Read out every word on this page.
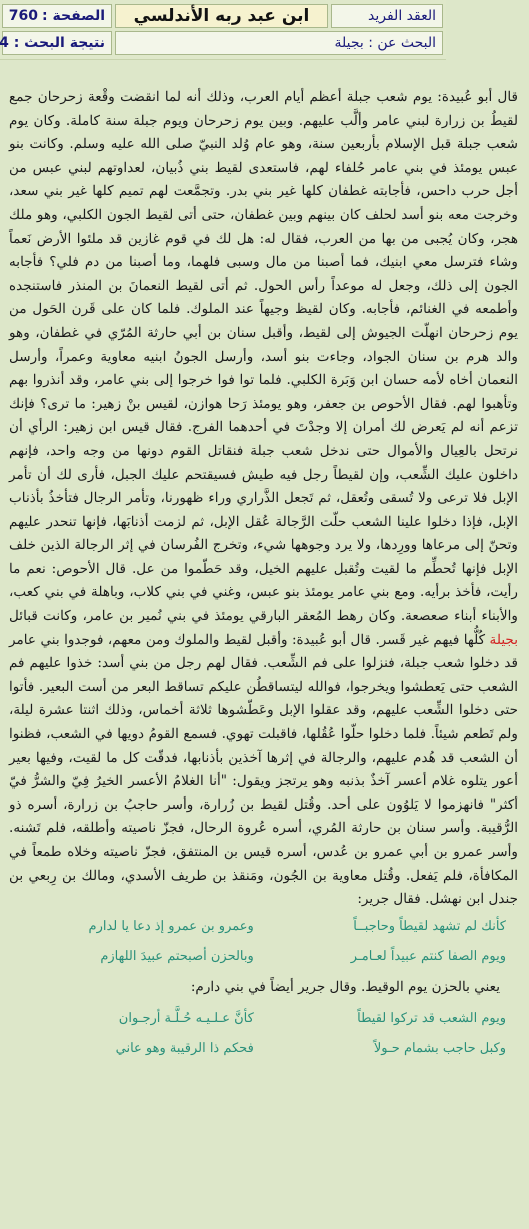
العقد الفريد
ابن عبد ربه الأندلسي
الصفحة :
760
البحث عن : بجيلة
نتيجة البحث : 4

قال أبو عُبيدة: يوم شعب جبلة أعظم أيام العرب، وذلك أنه لما انقضت وقْعة زحرحان جمع لقيطُ بن زرارة لبني عامر وألَّب عليهم. وبين يوم زحرحان ويوم جبلة سنة كاملة. وكان يوم شعب جبلة قبل الإسلام بأربعين سنة، وهو عام وُلد النبيّ صلى الله عليه وسلم. وكانت بنو عبس يومئذ في بني عامر حُلفاء لهم، فاستعدى لقيط بني ذُبيان، لعداوتهم لبني عبس من أجل حرب داحس، فأجابته غطفان كلها غير بني بدر. وتجمَّعت لهم تميم كلها غير بني سعد، وخرجت معه بنو أسد لحلف كان بينهم وبين غطفان، حتى أتى لقيط الجون الكلبي، وهو ملك هجر، وكان يُجبى من بها من العرب، فقال له: هل لك في قوم غازين قد ملئوا الأرض نَعماً وشاء فترسل معي ابنيك، فما أصبنا من مال وسبى فلهما، وما أصبنا من دم فلي؟ فأجابه الجون إلى ذلك، وجعل له موعداً رأس الحول. ثم أتى لقيط النعمانَ بن المنذر فاستنجده وأطمعه في الغنائم، فأجابه. وكان لقيظ وجيهاً عند الملوك. فلما كان على قَرن الحَول من يوم زحرحان انهلّت الجيوش إلى لقيط، وأقبل سنان بن أبي حارثة المُرّي في غطفان، وهو والد هرم بن سنان الجواد، وجاءت بنو أسد، وأرسل الجونُ ابنيه معاوية وعمراً، وأرسل النعمان أخاه لأمه حسان ابن وَبَرة الكلبي. فلما توا فوا خرجوا إلى بني عامر، وقد أنذروا بهم وتأهبوا لهم. فقال الأحوص بن جعفر، وهو يومئذ رَحا هوازن، لقيس بنْ زهير: ما ترى؟ فإنك تزعم أنه لم يَعرض لك أمران إلا وجدْتَ في أحدهما الفرج. فقال قيس ابن زهير: الرأي أن نرتحل بالعِيال والأموال حتى ندخل شعب جبلة فنقاتل القوم دونها من وجه واحد، فإنهم داخلون عليك الشِّعب، وإن لقيطاً رجل فيه طيش فسيقتحم عليك الجبل، فأرى لك أن تأمر الإبل فلا ترعى ولا تُسقى وتُعقل، ثم تَجعل الذَّراري وراء ظهورنا، وتأمر الرجال فتأخذُ بأذناب الإبل، فإذا دخلوا علينا الشعب حلّت الرَّجالة عُقل الإبل، ثم لزمت أذنابَها، فإنها تنحدر عليهم وتحنّ إلى مرعاها وورِدها، ولا يرد وجوهها شيء، وتخرج الفُرسان في إثر الرجالة الذين خلف الإبل فإنها تُحطِّم ما لقيت وتُقبل عليهم الخيل، وقد حَطّموا من عل. قال الأحوص: نعم ما رأيت، فأخذ برأيه. ومع بني عامر يومئذ بنو عبس، وغني في بني كلاب، وباهلة في بني كعب، والأبناء أبناء صعصعة. وكان رهط المُعقر البارقي يومئذ في بني نُمير بن عامر، وكانت قبائل بجيلة كُلُّها فيهم غير قَسر. قال أبو عُبيدة: وأقبل لقيط والملوك ومن معهم، فوجدوا بني عامر قد دخلوا شعب جبلة، فنزلوا على فم الشِّعب. فقال لهم رجل من بني أسد: خذوا عليهم فم الشعب حتى يَعطشوا ويخرجوا، فوالله ليتساقطُن عليكم تساقط البعر من أست البعير. فأتوا حتى دخلوا الشِّعب عليهم، وقد عقلوا الإبل وعَطّشوها ثلاثة أخماس، وذلك اثنتا عشرة ليلة، ولم تَطعم شيئاً. فلما دخلوا حلّوا عُقُلها، فاقبلت تهوي. فسمع القومُ دويها في الشعب، فظنوا أن الشعب قد هُدم عليهم، والرجالة في إثرها آخذين بأذنابها، فدقّت كل ما لقيت، وفيها بعير أعور يتلوه غلام أعسر آخذٌ بذنبه وهو يرتجز ويقول: "أنا الغلامُ الأعسر الخيرُ فِيّ والشرُّ فيّ أكثر" فانهزموا لا يَلوُون على أحد. وقُتل لقيط بن زُرارة، وأسر حاجبُ بن زرارة، أسره ذو الرُّقيبة. وأسر سنان بن حارثة المُري، أسره عُروة الرحال، فجزّ ناصيته وأطلقه، فلم تَشنه. وأسر عمرو بن أبي عمرو بن عُدس، أسره قيس بن المنتفق، فجزّ ناصيته وخلاه طمعاً في المكافأة، فلم يَفعل. وقُتل معاوية بن الجُون، ومَنقذ بن طريف الأسدي، ومالك بن رِبعي بن جندل ابن نهشل. فقال جرير:

كأنك لم تشهد لقيطاً وحاجبــاً
وعمرو بن عمرو إذ دعا يا لدارم
ويوم الصفا كنتم عبيداً لعـامـر
وبالحزن أصبحتم عبيدَ اللهازم
يعني بالحزن يوم الوقيط. وقال جرير أيضاً في بني دارم:
ويوم الشعب قد تركوا لقيطاً
كأنَّ عـلـيـه حُـلَّـة أرجـوان
وكبل حاجب بشمام حـولاً
فحكم ذا الرقيبة وهو عاني
